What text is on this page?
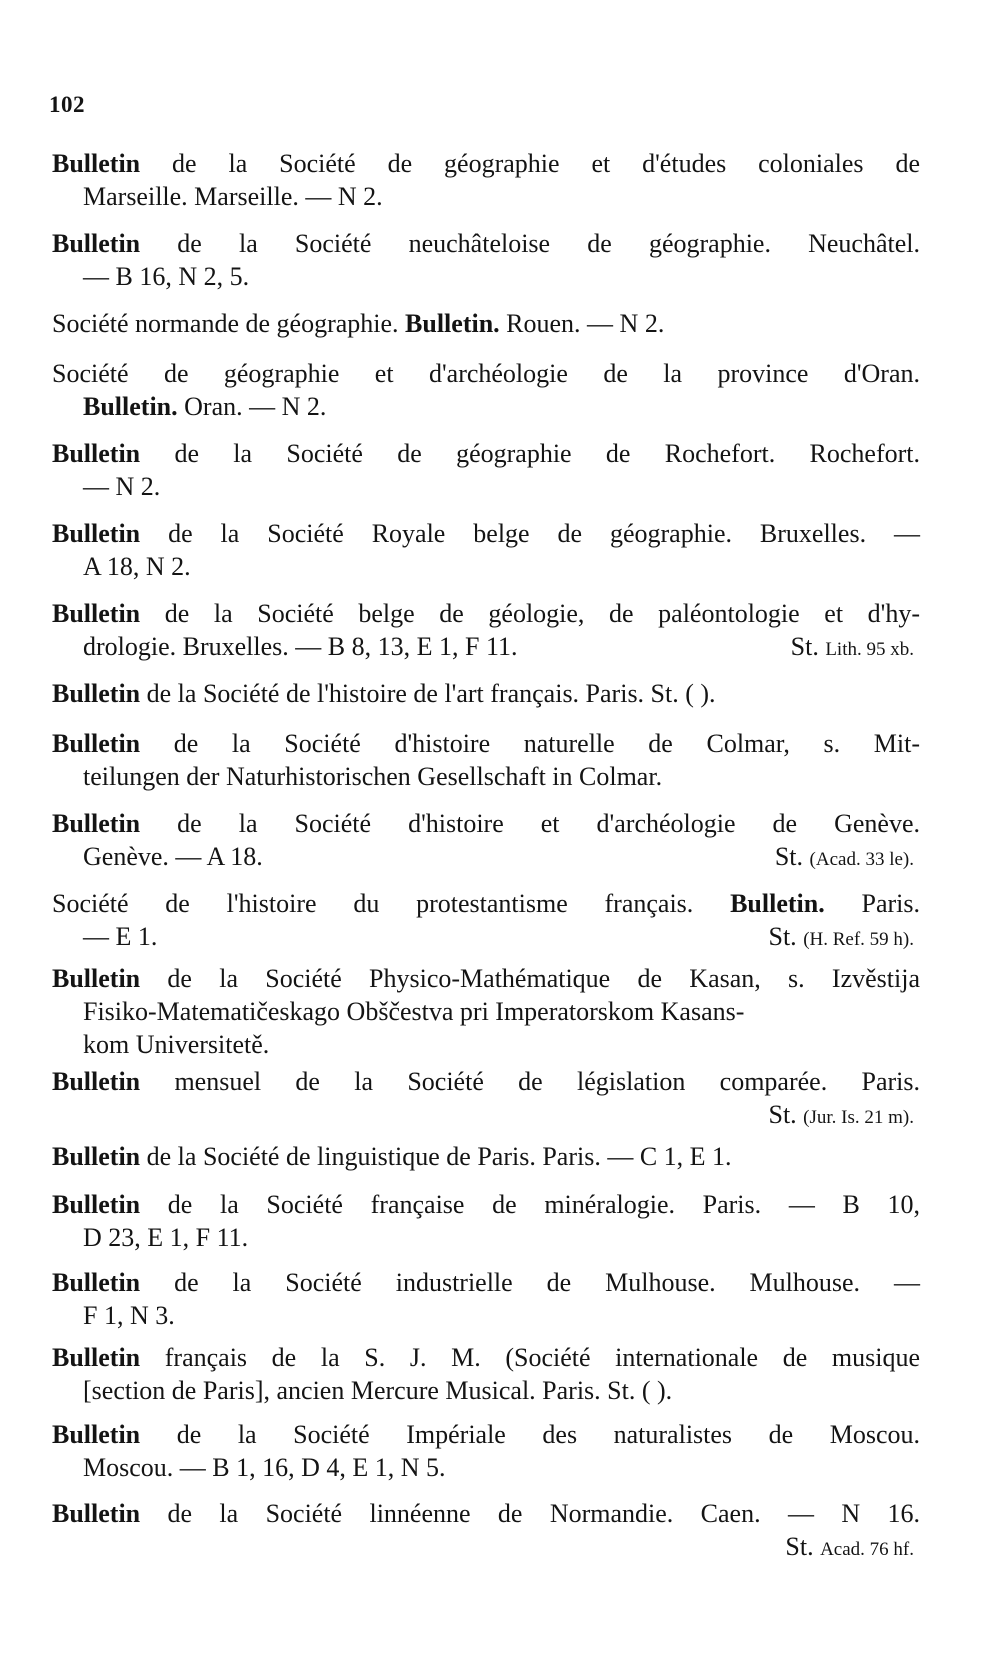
102
Bulletin de la Société de géographie et d'études coloniales de
Marseille. Marseille. — N 2.
Bulletin de la Société neuchâteloise de géographie. Neuchâtel.
— B 16, N 2, 5.
Société normande de géographie. Bulletin. Rouen. — N 2.
Société de géographie et d'archéologie de la province d'Oran.
Bulletin. Oran. — N 2.
Bulletin de la Société de géographie de Rochefort. Rochefort.
— N 2.
Bulletin de la Société Royale belge de géographie. Bruxelles. —
A 18, N 2.
Bulletin de la Société belge de géologie, de paléontologie et d'hy-
drologie. Bruxelles. — B 8, 13, E 1, F 11.	St. Lith. 95 xb.
Bulletin de la Société de l'histoire de l'art français. Paris. St. ( ).
Bulletin de la Société d'histoire naturelle de Colmar, s. Mit-
teilungen der Naturhistorischen Gesellschaft in Colmar.
Bulletin de la Société d'histoire et d'archéologie de Genève.
Genève. — A 18.	St. (Acad. 33 le).
Société de l'histoire du protestantisme français. Bulletin. Paris.
— E 1.	St. (H. Ref. 59 h).
Bulletin de la Société Physico-Mathématique de Kasan, s. Izvěstija
Fisiko-Matematičeskago Obščestva pri Imperatorskom Kasans-
kom Universitetě.
Bulletin mensuel de la Société de législation comparée. Paris.
St. (Jur. Is. 21 m).
Bulletin de la Société de linguistique de Paris. Paris. — C 1, E 1.
Bulletin de la Société française de minéralogie. Paris. — B 10,
D 23, E 1, F 11.
Bulletin de la Société industrielle de Mulhouse. Mulhouse. —
F 1, N 3.
Bulletin français de la S. J. M. (Société internationale de musique
[section de Paris], ancien Mercure Musical. Paris. St. ( ).
Bulletin de la Société Impériale des naturalistes de Moscou.
Moscou. — B 1, 16, D 4, E 1, N 5.
Bulletin de la Société linnéenne de Normandie. Caen. — N 16.
St. Acad. 76 hf.
